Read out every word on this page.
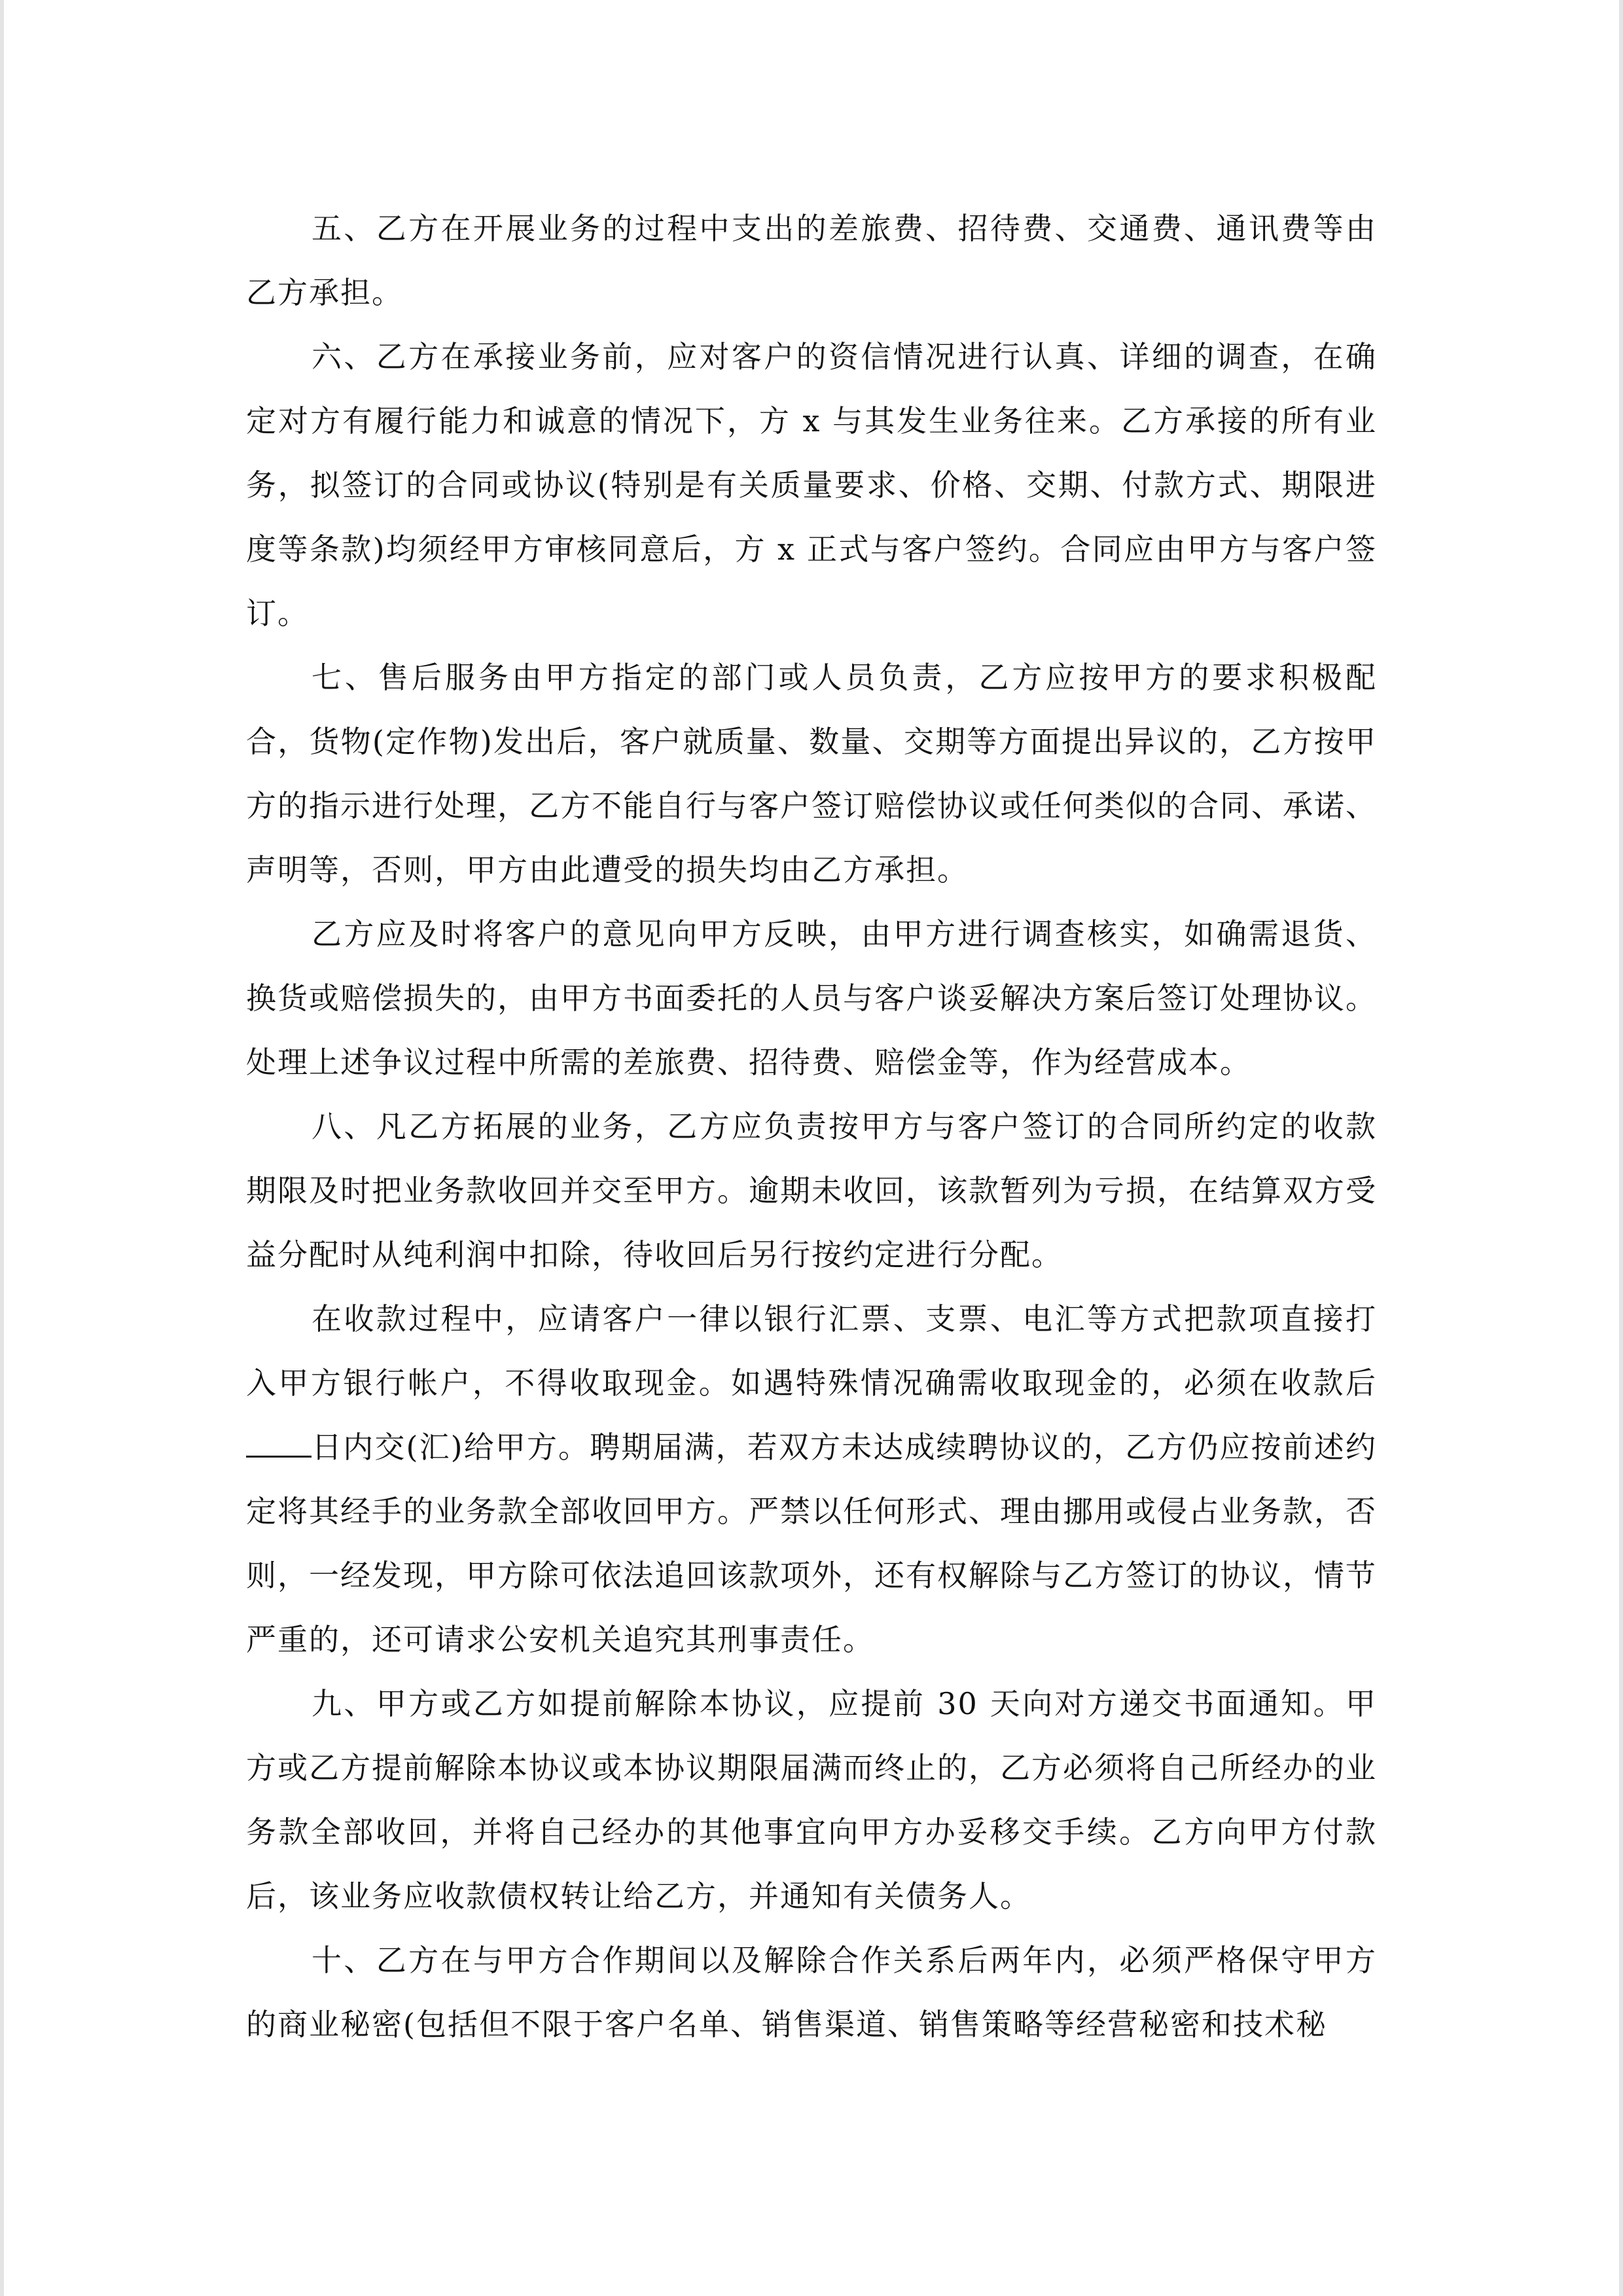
五、乙方在开展业务的过程中支出的差旅费、招待费、交通费、通讯费等由乙方承担。

六、乙方在承接业务前，应对客户的资信情况进行认真、详细的调查，在确定对方有履行能力和诚意的情况下，方 x 与其发生业务往来。乙方承接的所有业务，拟签订的合同或协议(特别是有关质量要求、价格、交期、付款方式、期限进度等条款)均须经甲方审核同意后，方 x 正式与客户签约。合同应由甲方与客户签订。

七、售后服务由甲方指定的部门或人员负责，乙方应按甲方的要求积极配合，货物(定作物)发出后，客户就质量、数量、交期等方面提出异议的，乙方按甲方的指示进行处理，乙方不能自行与客户签订赔偿协议或任何类似的合同、承诺、声明等，否则，甲方由此遭受的损失均由乙方承担。

乙方应及时将客户的意见向甲方反映，由甲方进行调查核实，如确需退货、换货或赔偿损失的，由甲方书面委托的人员与客户谈妥解决方案后签订处理协议。处理上述争议过程中所需的差旅费、招待费、赔偿金等，作为经营成本。

八、凡乙方拓展的业务，乙方应负责按甲方与客户签订的合同所约定的收款期限及时把业务款收回并交至甲方。逾期未收回，该款暂列为亏损，在结算双方受益分配时从纯利润中扣除，待收回后另行按约定进行分配。

在收款过程中，应请客户一律以银行汇票、支票、电汇等方式把款项直接打入甲方银行帐户，不得收取现金。如遇特殊情况确需收取现金的，必须在收款后日内交(汇)给甲方。聘期届满，若双方未达成续聘协议的，乙方仍应按前述约定将其经手的业务款全部收回甲方。严禁以任何形式、理由挪用或侵占业务款，否则，一经发现，甲方除可依法追回该款项外，还有权解除与乙方签订的协议，情节严重的，还可请求公安机关追究其刑事责任。

九、甲方或乙方如提前解除本协议，应提前 30 天向对方递交书面通知。甲方或乙方提前解除本协议或本协议期限届满而终止的，乙方必须将自己所经办的业务款全部收回，并将自己经办的其他事宜向甲方办妥移交手续。乙方向甲方付款后，该业务应收款债权转让给乙方，并通知有关债务人。

十、乙方在与甲方合作期间以及解除合作关系后两年内，必须严格保守甲方的商业秘密(包括但不限于客户名单、销售渠道、销售策略等经营秘密和技术秘
